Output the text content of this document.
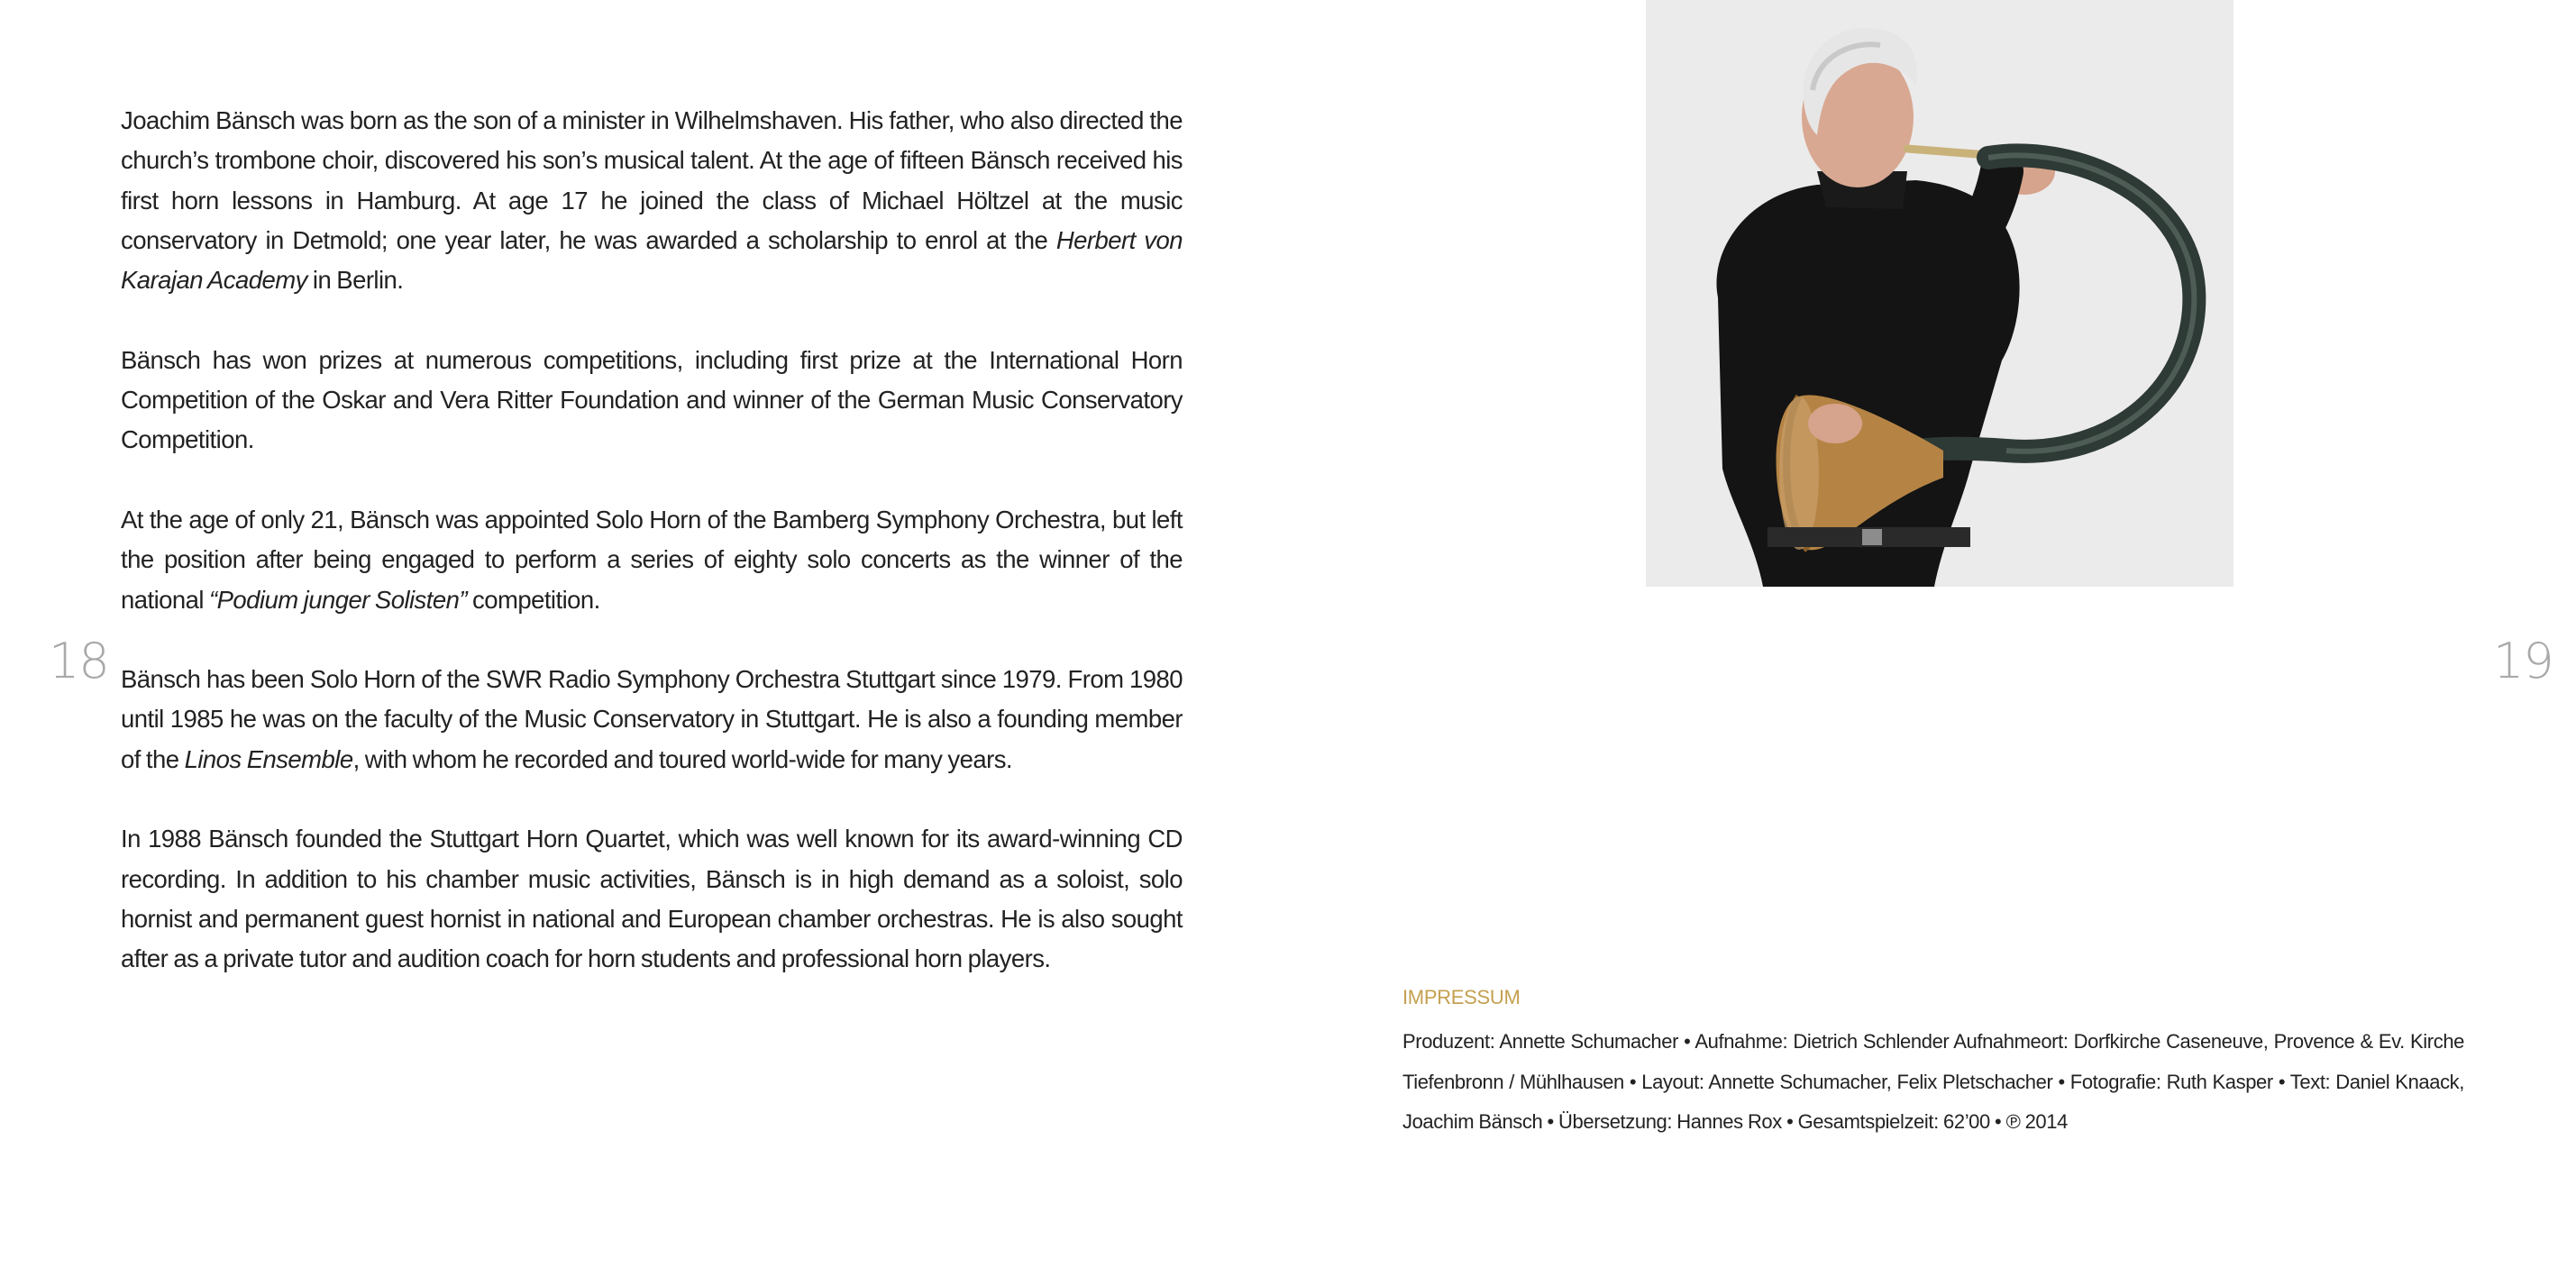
18	19

Joachim Bänsch was born as the son of a minister in Wilhelmshaven. His father, who also directed the church’s trombone choir, discovered his son’s musical talent. At the age of fifteen Bänsch received his first horn lessons in Hamburg. At age 17 he joined the class of Michael Höltzel at the music conservatory in Detmold; one year later, he was awarded a scholarship to enrol at the Herbert von Karajan Academy in Berlin.

Bänsch has won prizes at numerous competitions, including first prize at the International Horn Competition of the Oskar and Vera Ritter Foundation and winner of the German Music Conservatory Competition.

At the age of only 21, Bänsch was appointed Solo Horn of the Bamberg Symphony Orchestra, but left the position after being engaged to perform a series of eighty solo concerts as the winner of the national “Podium junger Solisten” competition.

Bänsch has been Solo Horn of the SWR Radio Symphony Orchestra Stuttgart since 1979. From 1980 until 1985 he was on the faculty of the Music Conservatory in Stuttgart. He is also a founding member of the Linos Ensemble, with whom he recorded and toured world-wide for many years.

In 1988 Bänsch founded the Stuttgart Horn Quartet, which was well known for its award-winning CD recording. In addition to his chamber music activities, Bänsch is in high demand as a soloist, solo hornist and permanent guest hornist in national and European chamber orchestras. He is also sought after as a private tutor and audition coach for horn students and professional horn players.

IMPRESSUM
Produzent: Annette Schumacher • Aufnahme: Dietrich Schlender Aufnahmeort: Dorfkirche Caseneuve, Provence & Ev. Kirche Tiefenbronn / Mühlhausen • Layout: Annette Schumacher, Felix Pletschacher • Fotografie: Ruth Kasper • Text: Daniel Knaack, Joachim Bänsch • Übersetzung: Hannes Rox • Gesamtspielzeit: 62’00 • ℗ 2014
